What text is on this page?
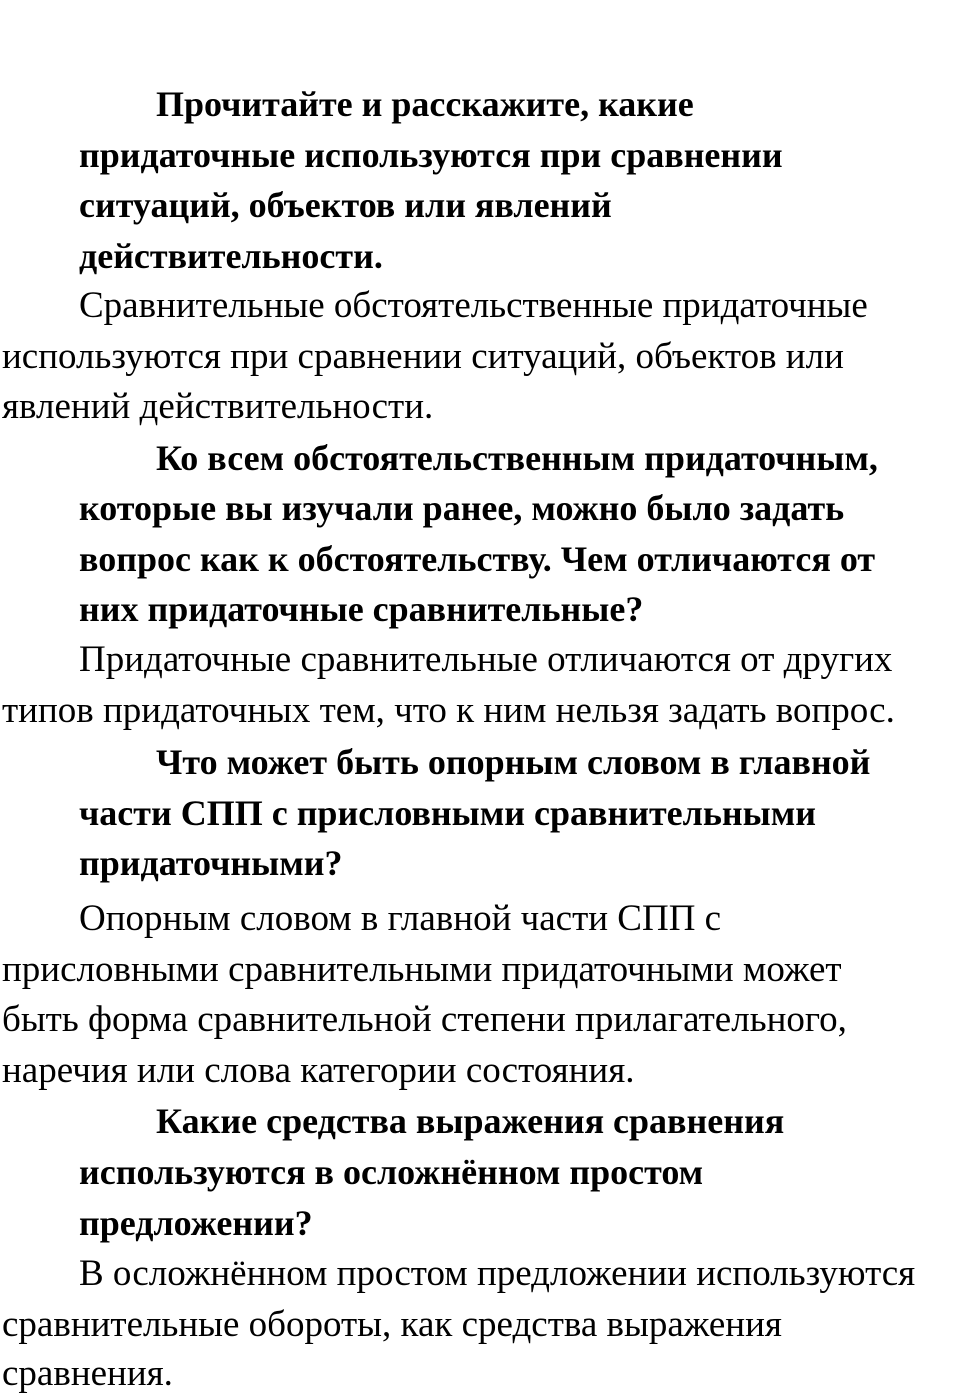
Прочитайте и расскажите, какие

придаточные используются при сравнении

ситуаций, объектов или явлений

действительности.

Сравнительные обстоятельственные придаточные

используются при сравнении ситуаций, объектов или

явлений действительности.

Ко всем обстоятельственным придаточным,

которые вы изучали ранее, можно было задать

вопрос как к обстоятельству. Чем отличаются от

них придаточные сравнительные?

Придаточные сравнительные отличаются от других

типов придаточных тем, что к ним нельзя задать вопрос.

Что может быть опорным словом в главной

части СПП с присловными сравнительными

придаточными?

Опорным словом в главной части СПП с

присловными сравнительными придаточными может

быть форма сравнительной степени прилагательного,

наречия или слова категории состояния.

Какие средства выражения сравнения

используются в осложнённом простом

предложении?

В осложнённом простом предложении используются

сравнительные обороты, как средства выражения

сравнения.
